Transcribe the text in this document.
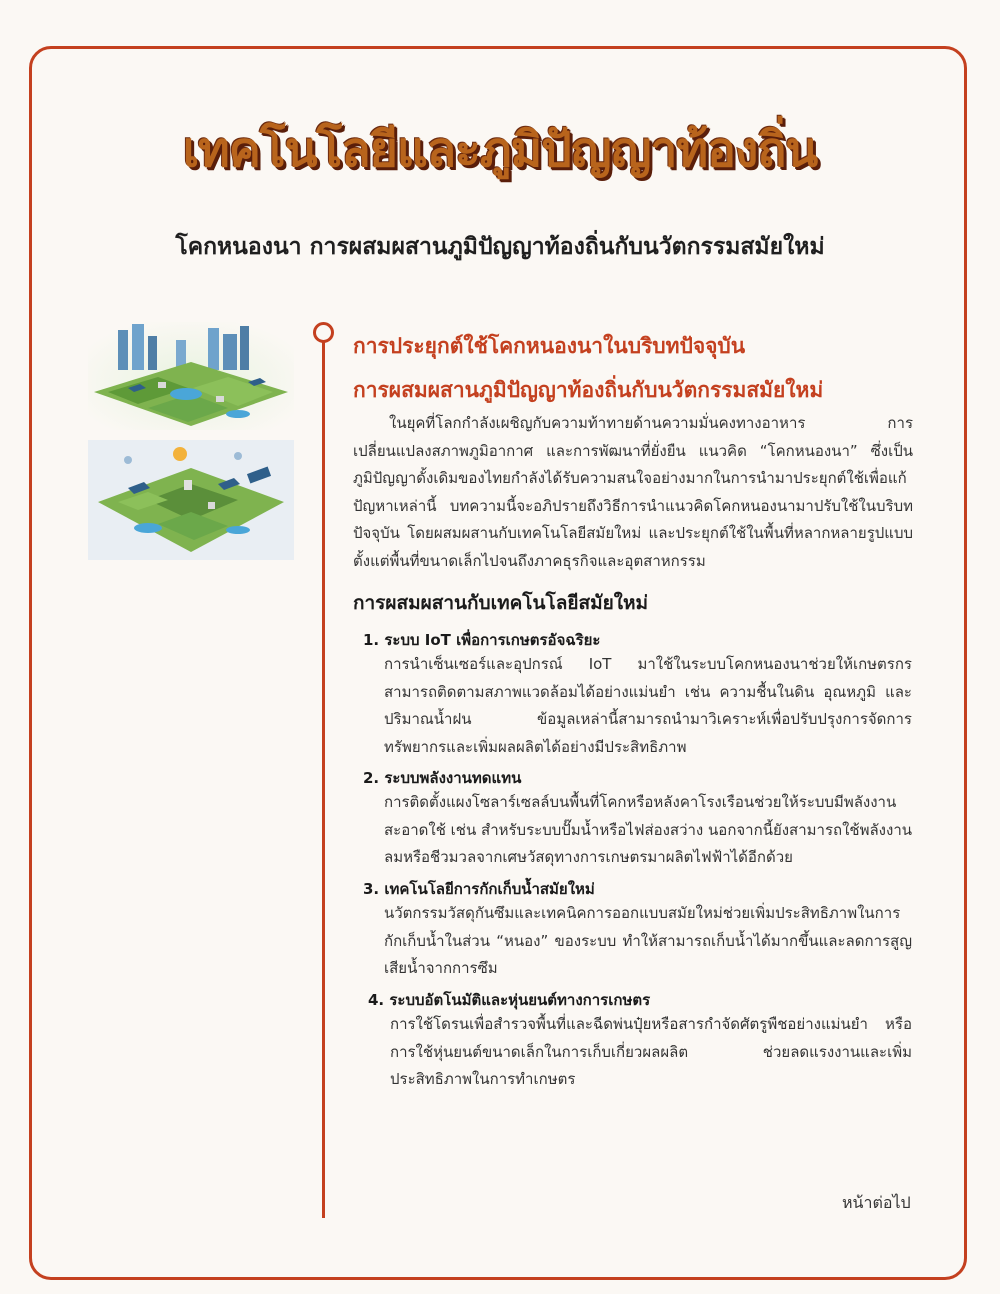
เทคโนโลยีและภูมิปัญญาท้องถิ่น
โคกหนองนา การผสมผสานภูมิปัญญาท้องถิ่นกับนวัตกรรมสมัยใหม่
การประยุกต์ใช้โคกหนองนาในบริบทปัจจุบัน
การผสมผสานภูมิปัญญาท้องถิ่นกับนวัตกรรมสมัยใหม่
ในยุคที่โลกกำลังเผชิญกับความท้าทายด้านความมั่นคงทางอาหาร การเปลี่ยนแปลงสภาพภูมิอากาศ และการพัฒนาที่ยั่งยืน แนวคิด “โคกหนองนา” ซึ่งเป็นภูมิปัญญาดั้งเดิมของไทยกำลังได้รับความสนใจอย่างมากในการนำมาประยุกต์ใช้เพื่อแก้ปัญหาเหล่านี้ บทความนี้จะอภิปรายถึงวิธีการนำแนวคิดโคกหนองนามาปรับใช้ในบริบทปัจจุบัน โดยผสมผสานกับเทคโนโลยีสมัยใหม่ และประยุกต์ใช้ในพื้นที่หลากหลายรูปแบบ ตั้งแต่พื้นที่ขนาดเล็กไปจนถึงภาคธุรกิจและอุตสาหกรรม
การผสมผสานกับเทคโนโลยีสมัยใหม่
1. ระบบ IoT เพื่อการเกษตรอัจฉริยะ
การนำเซ็นเซอร์และอุปกรณ์ IoT มาใช้ในระบบโคกหนองนาช่วยให้เกษตรกรสามารถติดตามสภาพแวดล้อมได้อย่างแม่นยำ เช่น ความชื้นในดิน อุณหภูมิ และปริมาณน้ำฝน ข้อมูลเหล่านี้สามารถนำมาวิเคราะห์เพื่อปรับปรุงการจัดการทรัพยากรและเพิ่มผลผลิตได้อย่างมีประสิทธิภาพ
2. ระบบพลังงานทดแทน
การติดตั้งแผงโซลาร์เซลล์บนพื้นที่โคกหรือหลังคาโรงเรือนช่วยให้ระบบมีพลังงานสะอาดใช้ เช่น สำหรับระบบปั๊มน้ำหรือไฟส่องสว่าง นอกจากนี้ยังสามารถใช้พลังงานลมหรือชีวมวลจากเศษวัสดุทางการเกษตรมาผลิตไฟฟ้าได้อีกด้วย
3. เทคโนโลยีการกักเก็บน้ำสมัยใหม่
นวัตกรรมวัสดุกันซึมและเทคนิคการออกแบบสมัยใหม่ช่วยเพิ่มประสิทธิภาพในการกักเก็บน้ำในส่วน “หนอง” ของระบบ ทำให้สามารถเก็บน้ำได้มากขึ้นและลดการสูญเสียน้ำจากการซึม
4. ระบบอัตโนมัติและหุ่นยนต์ทางการเกษตร
การใช้โดรนเพื่อสำรวจพื้นที่และฉีดพ่นปุ๋ยหรือสารกำจัดศัตรูพืชอย่างแม่นยำ หรือการใช้หุ่นยนต์ขนาดเล็กในการเก็บเกี่ยวผลผลิต ช่วยลดแรงงานและเพิ่มประสิทธิภาพในการทำเกษตร
หน้าต่อไป
